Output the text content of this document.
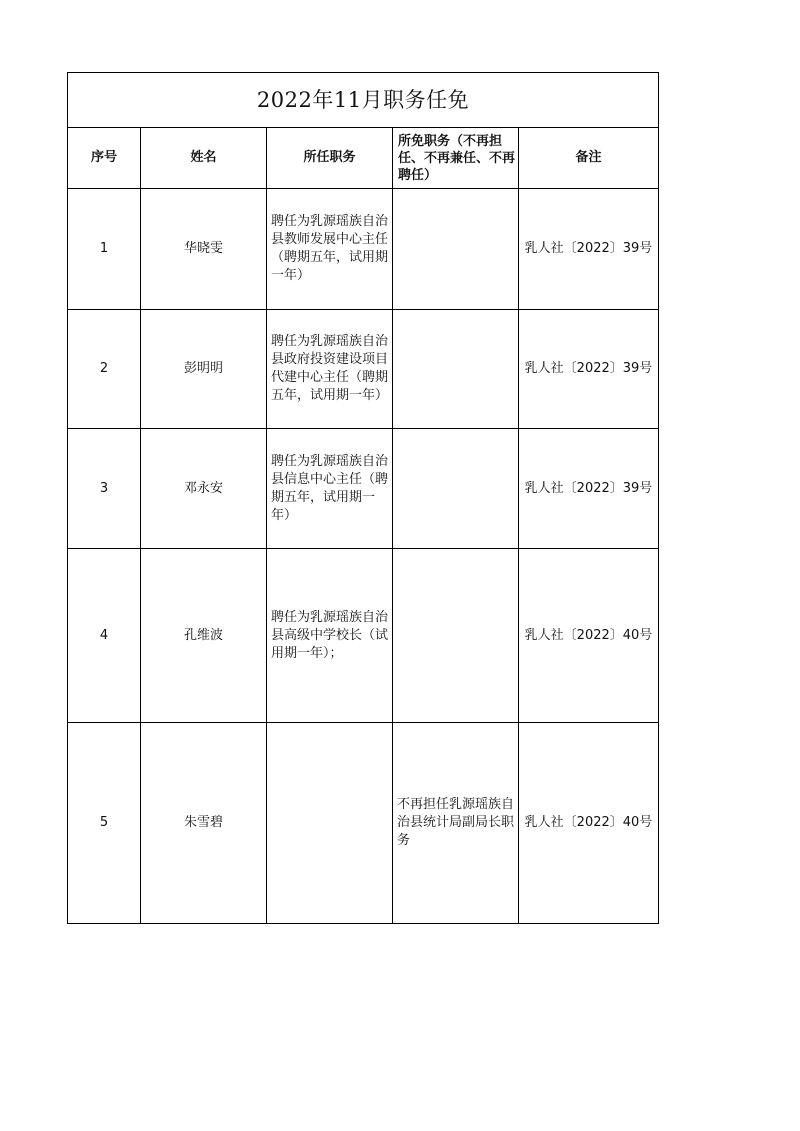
2022年11月职务任免				
序号	姓名	所任职务	所免职务（不再担任、不再兼任、不再聘任）	备注
1	华晓雯	聘任为乳源瑶族自治县教师发展中心主任（聘期五年，试用期一年）		乳人社〔2022〕39号
2	彭明明	聘任为乳源瑶族自治县政府投资建设项目代建中心主任（聘期五年，试用期一年）		乳人社〔2022〕39号
3	邓永安	聘任为乳源瑶族自治县信息中心主任（聘期五年，试用期一年）		乳人社〔2022〕39号
4	孔维波	聘任为乳源瑶族自治县高级中学校长（试用期一年）；		乳人社〔2022〕40号
5	朱雪碧		不再担任乳源瑶族自治县统计局副局长职务	乳人社〔2022〕40号
